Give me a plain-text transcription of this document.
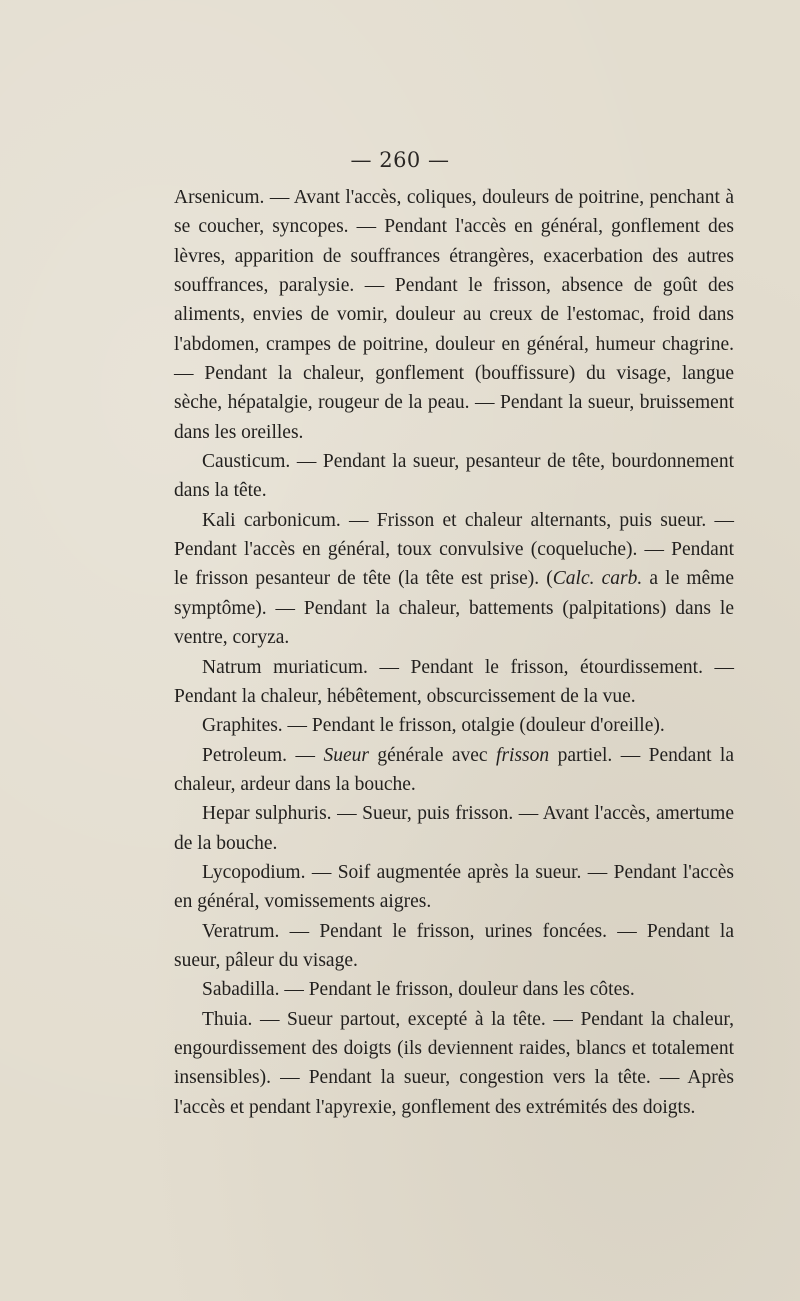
— 260 —

Arsenicum. — Avant l'accès, coliques, douleurs de poitrine, penchant à se coucher, syncopes. — Pendant l'accès en général, gonflement des lèvres, apparition de souffrances étrangères, exacerbation des autres souffrances, paralysie. — Pendant le frisson, absence de goût des aliments, envies de vomir, douleur au creux de l'estomac, froid dans l'abdomen, crampes de poitrine, douleur en général, humeur chagrine. — Pendant la chaleur, gonflement (bouffissure) du visage, langue sèche, hépatalgie, rougeur de la peau. — Pendant la sueur, bruissement dans les oreilles.

Causticum. — Pendant la sueur, pesanteur de tête, bourdonnement dans la tête.

Kali carbonicum. — Frisson et chaleur alternants, puis sueur. — Pendant l'accès en général, toux convulsive (coqueluche). — Pendant le frisson pesanteur de tête (la tête est prise). (Calc. carb. a le même symptôme). — Pendant la chaleur, battements (palpitations) dans le ventre, coryza.

Natrum muriaticum. — Pendant le frisson, étourdissement. —Pendant la chaleur, hébêtement, obscurcissement de la vue.

Graphites. — Pendant le frisson, otalgie (douleur d'oreille).

Petroleum. — Sueur générale avec frisson partiel. — Pendant la chaleur, ardeur dans la bouche.

Hepar sulphuris. — Sueur, puis frisson. — Avant l'accès, amertume de la bouche.

Lycopodium. — Soif augmentée après la sueur. — Pendant l'accès en général, vomissements aigres.

Veratrum. — Pendant le frisson, urines foncées. — Pendant la sueur, pâleur du visage.

Sabadilla. — Pendant le frisson, douleur dans les côtes.

Thuia. — Sueur partout, excepté à la tête. — Pendant la chaleur, engourdissement des doigts (ils deviennent raides, blancs et totalement insensibles). — Pendant la sueur, congestion vers la tête. — Après l'accès et pendant l'apyrexie, gonflement des extrémités des doigts.
